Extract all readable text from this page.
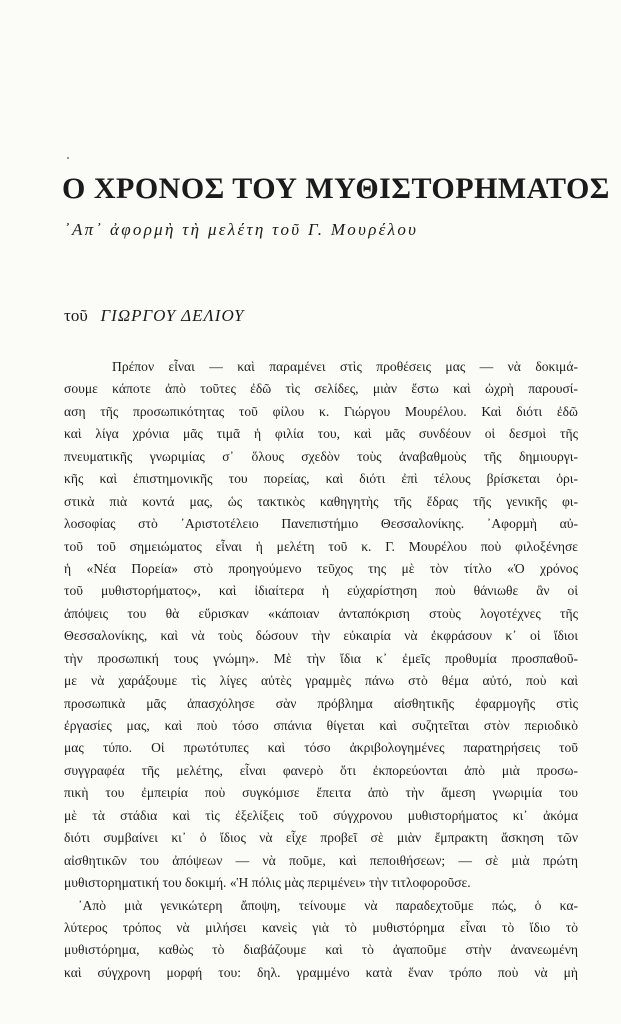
Ο ΧΡΟΝΟΣ ΤΟΥ ΜΥΘΙΣΤΟΡΗΜΑΤΟΣ
᾿Απ᾿ ἀφορμὴ τὴ μελέτη τοῦ Γ. Μουρέλου
τοῦ ΓΙΩΡΓΟΥ ΔΕΛΙΟΥ
Πρέπον εἶναι — καὶ παραμένει στὶς προθέσεις μας — νὰ δοκιμά-
σουμε κάποτε ἀπὸ τοῦτες ἐδῶ τὶς σελίδες, μιὰν ἔστω καὶ ὠχρὴ παρουσί-
αση τῆς προσωπικότητας τοῦ φίλου κ. Γιώργου Μουρέλου. Καὶ διότι ἐδῶ
καὶ λίγα χρόνια μᾶς τιμᾶ ἡ φιλία του, καὶ μᾶς συνδέουν οἱ δεσμοὶ τῆς
πνευματικῆς γνωριμίας σ᾿ ὅλους σχεδὸν τοὺς ἀναβαθμοὺς τῆς δημιουργι-
κῆς καὶ ἐπιστημονικῆς του πορείας, καὶ διότι ἐπὶ τέλους βρίσκεται ὁρι-
στικὰ πιὰ κοντά μας, ὡς τακτικὸς καθηγητὴς τῆς ἕδρας τῆς γενικῆς φι-
λοσοφίας στὸ ᾿Αριστοτέλειο Πανεπιστήμιο Θεσσαλονίκης. ᾿Αφορμὴ αὐ-
τοῦ τοῦ σημειώματος εἶναι ἡ μελέτη τοῦ κ. Γ. Μουρέλου ποὺ φιλοξένησε
ἡ «Νέα Πορεία» στὸ προηγούμενο τεῦχος της μὲ τὸν τίτλο «Ὁ χρόνος
τοῦ μυθιστορήματος», καὶ ἰδιαίτερα ἡ εὐχαρίστηση ποὺ θάνιωθε ἂν οἱ
ἀπόψεις του θὰ εὕρισκαν «κάποιαν ἀνταπόκριση στοὺς λογοτέχνες τῆς
Θεσσαλονίκης, καὶ νὰ τοὺς δώσουν τὴν εὐκαιρία νὰ ἐκφράσουν κ᾿ οἱ ἴδιοι
τὴν προσωπική τους γνώμη». Μὲ τὴν ἴδια κ᾿ ἐμεῖς προθυμία προσπαθοῦ-
με νὰ χαράξουμε τὶς λίγες αὐτὲς γραμμὲς πάνω στὸ θέμα αὐτό, ποὺ καὶ
προσωπικὰ μᾶς ἀπασχόλησε σὰν πρόβλημα αἰσθητικῆς ἐφαρμογῆς στὶς
ἐργασίες μας, καὶ ποὺ τόσο σπάνια θίγεται καὶ συζητεῖται στὸν περιοδικὸ
μας τύπο. Οἱ πρωτότυπες καὶ τόσο ἀκριβολογημένες παρατηρήσεις τοῦ
συγγραφέα τῆς μελέτης, εἶναι φανερὸ ὅτι ἐκπορεύονται ἀπὸ μιὰ προσω-
πικὴ του ἐμπειρία ποὺ συγκόμισε ἔπειτα ἀπὸ τὴν ἄμεση γνωριμία του
μὲ τὰ στάδια καὶ τὶς ἐξελίξεις τοῦ σύγχρονου μυθιστορήματος κι᾿ ἀκόμα
διότι συμβαίνει κι᾿ ὁ ἴδιος νὰ εἶχε προβεῖ σὲ μιὰν ἔμπρακτη ἄσκηση τῶν
αἰσθητικῶν του ἀπόψεων — νὰ ποῦμε, καὶ πεποιθήσεων; — σὲ μιὰ πρώτη
μυθιστορηματική του δοκιμή. «Ἡ πόλις μὰς περιμένει» τὴν τιτλοφοροῦσε.
᾿Απὸ μιὰ γενικώτερη ἄποψη, τείνουμε νὰ παραδεχτοῦμε πώς, ὁ κα-
λύτερος τρόπος νὰ μιλήσει κανεὶς γιὰ τὸ μυθιστόρημα εἶναι τὸ ἴδιο τὸ
μυθιστόρημα, καθὼς τὸ διαβάζουμε καὶ τὸ ἀγαποῦμε στὴν ἀνανεωμένη
καὶ σύγχρονη μορφή του: δηλ. γραμμένο κατὰ ἕναν τρόπο ποὺ νὰ μὴ
